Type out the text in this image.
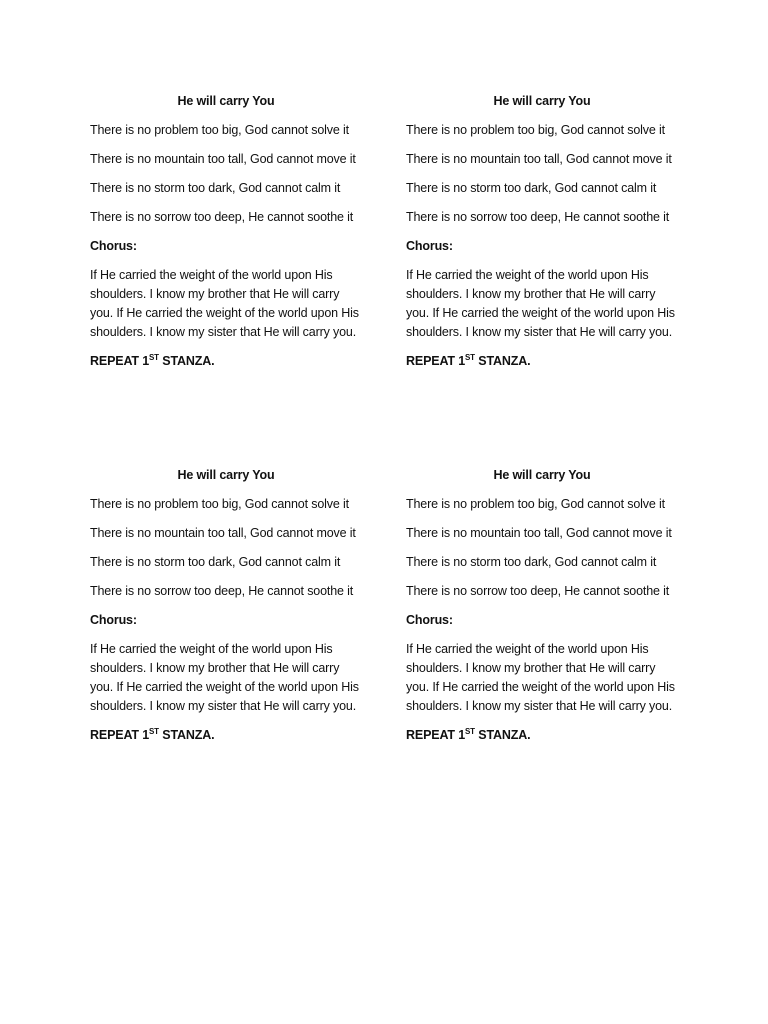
He will carry You
There is no problem too big, God cannot solve it
There is no mountain too tall, God cannot move it
There is no storm too dark, God cannot calm it
There is no sorrow too deep, He cannot soothe it
Chorus:
If He carried the weight of the world upon His shoulders. I know my brother that He will carry you. If He carried the weight of the world upon His shoulders. I know my sister that He will carry you.
REPEAT 1ST STANZA.
He will carry You
There is no problem too big, God cannot solve it
There is no mountain too tall, God cannot move it
There is no storm too dark, God cannot calm it
There is no sorrow too deep, He cannot soothe it
Chorus:
If He carried the weight of the world upon His shoulders. I know my brother that He will carry you. If He carried the weight of the world upon His shoulders. I know my sister that He will carry you.
REPEAT 1ST STANZA.
He will carry You
There is no problem too big, God cannot solve it
There is no mountain too tall, God cannot move it
There is no storm too dark, God cannot calm it
There is no sorrow too deep, He cannot soothe it
Chorus:
If He carried the weight of the world upon His shoulders. I know my brother that He will carry you. If He carried the weight of the world upon His shoulders. I know my sister that He will carry you.
REPEAT 1ST STANZA.
He will carry You
There is no problem too big, God cannot solve it
There is no mountain too tall, God cannot move it
There is no storm too dark, God cannot calm it
There is no sorrow too deep, He cannot soothe it
Chorus:
If He carried the weight of the world upon His shoulders. I know my brother that He will carry you. If He carried the weight of the world upon His shoulders. I know my sister that He will carry you.
REPEAT 1ST STANZA.
